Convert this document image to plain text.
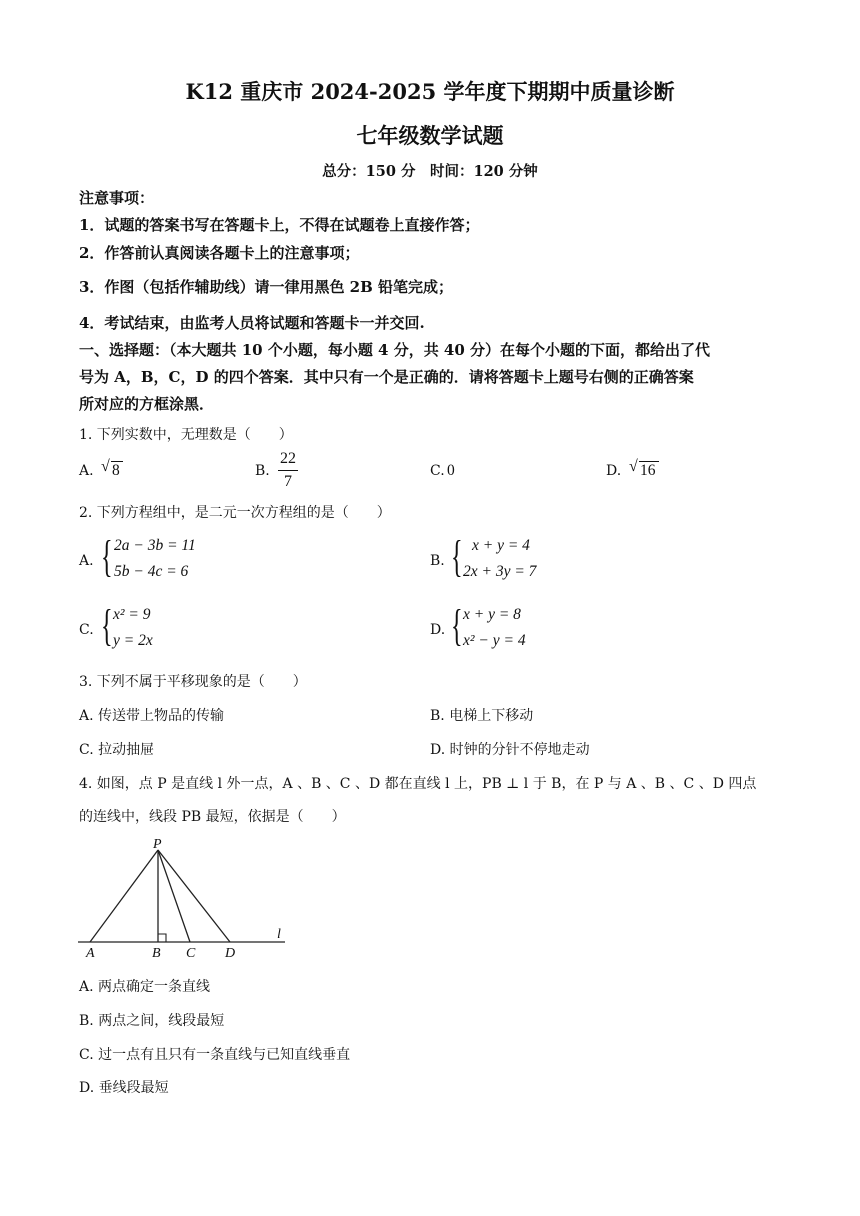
K12 重庆市 2024-2025 学年度下期期中质量诊断
七年级数学试题
总分：150 分　时间：120 分钟
注意事项：
1．试题的答案书写在答题卡上，不得在试题卷上直接作答；
2．作答前认真阅读各题卡上的注意事项；
3．作图（包括作辅助线）请一律用黑色 2B 铅笔完成；
4．考试结束，由监考人员将试题和答题卡一并交回.
一、选择题：（本大题共 10 个小题，每小题 4 分，共 40 分）在每个小题的下面，都给出了代
号为 A，B，C，D 的四个答案．其中只有一个是正确的．请将答题卡上题号右侧的正确答案
所对应的方框涂黑．
1. 下列实数中，无理数是（　　）
A. √ 8	B.
22
7
C. 0	D. √ 16
2. 下列方程组中，是二元一次方程组的是（　　）
A. { 2a − 3b = 11
5b − 4c = 6
B. { x + y = 4
2x + 3y = 7
C. { x² = 9
y = 2x
D. { x + y = 8
x² − y = 4
3. 下列不属于平移现象的是（　　）
A. 传送带上物品的传输	B. 电梯上下移动
C. 拉动抽屉	D. 时钟的分针不停地走动
4. 如图，点 P 是直线 l 外一点，A 、B 、C 、D 都在直线 l 上，PB ⊥ l 于 B，在 P 与 A 、B 、C 、D 四点
的连线中，线段 PB 最短，依据是（　　）
P
A	B C D
l
A. 两点确定一条直线
B. 两点之间，线段最短
C. 过一点有且只有一条直线与已知直线垂直
D. 垂线段最短
